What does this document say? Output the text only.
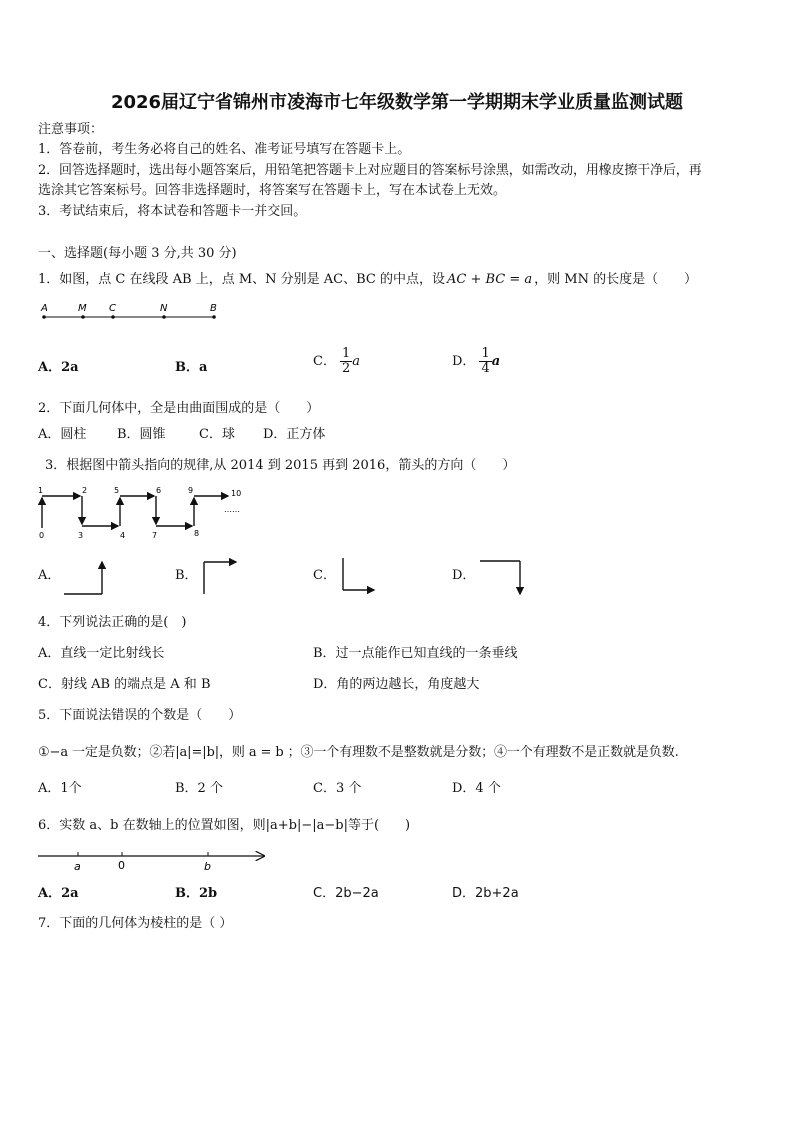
2026届辽宁省锦州市凌海市七年级数学第一学期期末学业质量监测试题
注意事项：
1．答卷前，考生务必将自己的姓名、准考证号填写在答题卡上。
2．回答选择题时，选出每小题答案后，用铅笔把答题卡上对应题目的答案标号涂黑，如需改动，用橡皮擦干净后，再
选涂其它答案标号。回答非选择题时，将答案写在答题卡上，写在本试卷上无效。
3．考试结束后，将本试卷和答题卡一并交回。
一、选择题(每小题 3 分,共 30 分)
1．如图，点 C 在线段 AB 上，点 M、N 分别是 AC、BC 的中点，设 AC + BC = a ，则 MN 的长度是（　　）
A	M C	N	B
A．2a	B．a	C． $\frac{1}{2}$ a	D． $\frac{1}{4}$ a
2．下面几何体中，全是由曲面围成的是（　　）
A．圆柱 B．圆锥	C．球 D．正方体
3．根据图中箭头指向的规律,从 2014 到 2015 再到 2016，箭头的方向（　　）
1	2	5	6	9	10
0	3	4	7	8
……
A．	B．	C．	D．
4．下列说法正确的是(　)
A．直线一定比射线长	B．过一点能作已知直线的一条垂线
C．射线 AB 的端点是 A 和 B	D．角的两边越长，角度越大
5．下面说法错误的个数是（　　）
①−a 一定是负数；②若|a|=|b|，则 a = b ；③一个有理数不是整数就是分数；④一个有理数不是正数就是负数.
A．1个	B．2 个	C．3 个	D．4 个
6．实数 a、b 在数轴上的位置如图，则|a+b|−|a−b|等于(　　)
a	0	b
A．2a	B．2b	C．2b−2a	D．2b+2a
7．下面的几何体为棱柱的是（ ）
